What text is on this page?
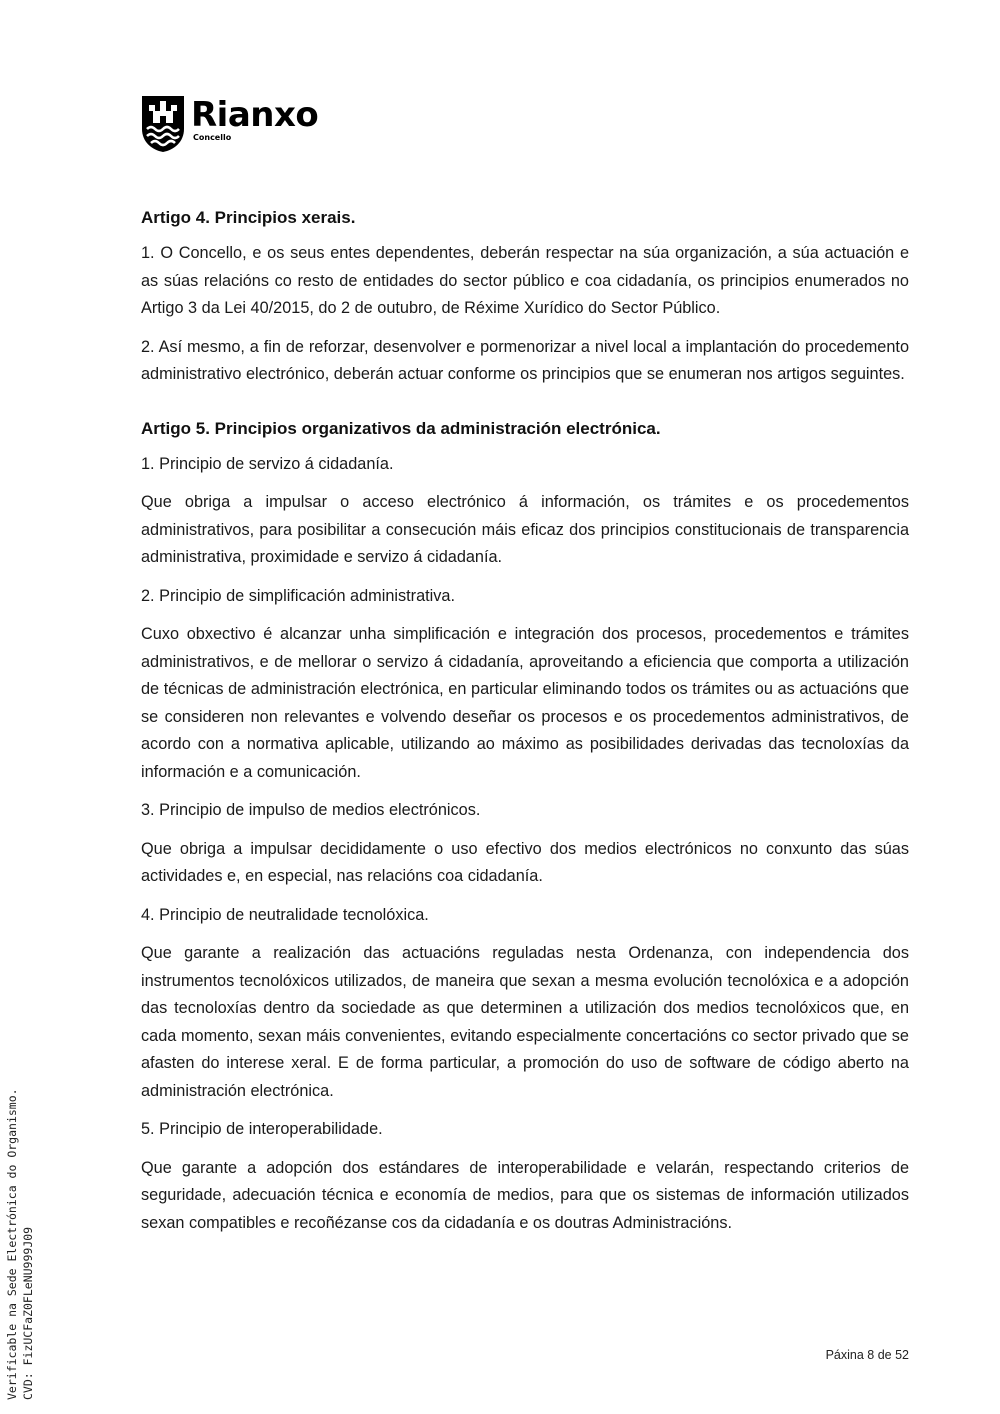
Rianxo
Concello
Artigo 4. Principios xerais.

1. O Concello, e os seus entes dependentes, deberán respectar na súa organización, a súa actuación e as súas relacións co resto de entidades do sector público e coa cidadanía, os principios enumerados no Artigo 3 da Lei 40/2015, do 2 de outubro, de Réxime Xurídico do Sector Público.

2. Así mesmo, a fin de reforzar, desenvolver e pormenorizar a nivel local a implantación do procedemento administrativo electrónico, deberán actuar conforme os principios que se enumeran nos artigos seguintes.

Artigo 5. Principios organizativos da administración electrónica.

1. Principio de servizo á cidadanía.

Que obriga a impulsar o acceso electrónico á información, os trámites e os procedementos administrativos, para posibilitar a consecución máis eficaz dos principios constitucionais de transparencia administrativa, proximidade e servizo á cidadanía.

2. Principio de simplificación administrativa.

Cuxo obxectivo é alcanzar unha simplificación e integración dos procesos, procedementos e trámites administrativos, e de mellorar o servizo á cidadanía, aproveitando a eficiencia que comporta a utilización de técnicas de administración electrónica, en particular eliminando todos os trámites ou as actuacións que se consideren non relevantes e volvendo deseñar os procesos e os procedementos administrativos, de acordo con a normativa aplicable, utilizando ao máximo as posibilidades derivadas das tecnoloxías da información e a comunicación.

3. Principio de impulso de medios electrónicos.

Que obriga a impulsar decididamente o uso efectivo dos medios electrónicos no conxunto das súas actividades e, en especial, nas relacións coa cidadanía.

4. Principio de neutralidade tecnolóxica.

Que garante a realización das actuacións reguladas nesta Ordenanza, con independencia dos instrumentos tecnolóxicos utilizados, de maneira que sexan a mesma evolución tecnolóxica e a adopción das tecnoloxías dentro da sociedade as que determinen a utilización dos medios tecnolóxicos que, en cada momento, sexan máis convenientes, evitando especialmente concertacións co sector privado que se afasten do interese xeral. E de forma particular, a promoción do uso de software de código aberto na administración electrónica.

5. Principio de interoperabilidade.

Que garante a adopción dos estándares de interoperabilidade e velarán, respectando criterios de seguridade, adecuación técnica e economía de medios, para que os sistemas de información utilizados sexan compatibles e recoñézanse cos da cidadanía e os doutras Administracións.

Verificable na Sede Electrónica do Organismo. CVD: FizUCFaZ0FLeNU999J09	Páxina 8 de 52
